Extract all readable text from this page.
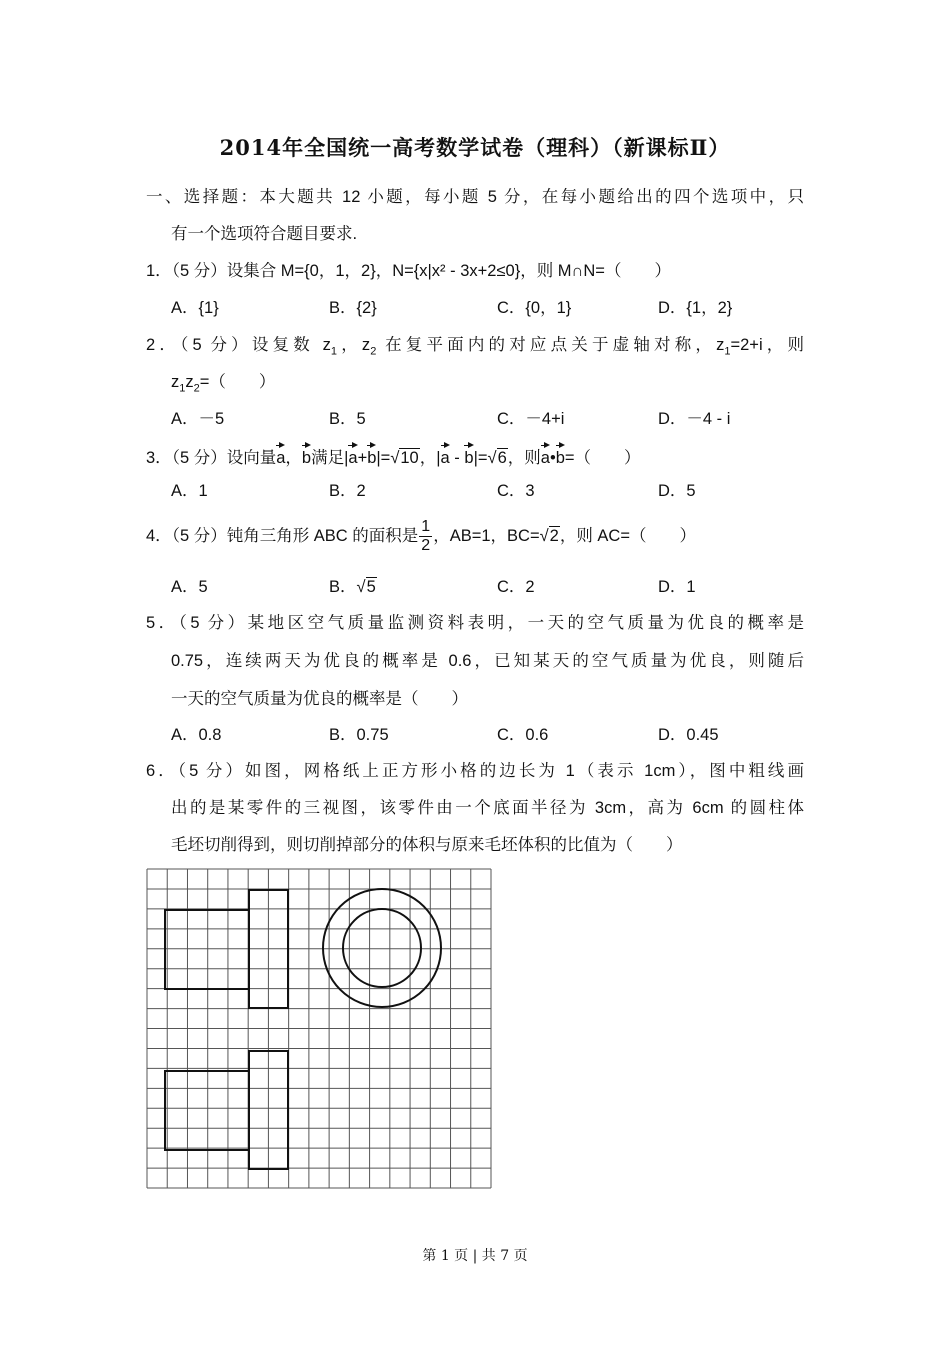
2014年全国统一高考数学试卷（理科）（新课标Ⅱ）
一、选择题：本大题共 12 小题，每小题 5 分，在每小题给出的四个选项中，只
有一个选项符合题目要求.
1．（5 分）设集合 M={0，1，2}，N={x|x² - 3x+2≤0}，则 M∩N=（　　）
A．{1}	B．{2}	C．{0，1}	D．{1，2}
2．（5 分）设复数 $z_1$，$z_2$ 在复平面内的对应点关于虚轴对称，$z_1=2+i$，则
$z_1z_2=$（　　）
A．－5	B．5	C．－4+i	D．－4 - i
3．（5 分）设向量a，b满足|a+b|=√10，|a - b|=√6，则a•b=（　　）
A．1	B．2	C．3	D．5
4．（5 分）钝角三角形 ABC 的面积是 $\frac{1}{2}$ ，AB=1，BC=√2，则 AC=（　　）
A．5	B．√5	C．2	D．1
5．（5 分）某地区空气质量监测资料表明，一天的空气质量为优良的概率是
0.75，连续两天为优良的概率是 0.6，已知某天的空气质量为优良，则随后
一天的空气质量为优良的概率是（　　）
A．0.8	B．0.75	C．0.6	D．0.45
6．（5 分）如图，网格纸上正方形小格的边长为 1（表示 1cm），图中粗线画
出的是某零件的三视图，该零件由一个底面半径为 3cm，高为 6cm 的圆柱体
毛坯切削得到，则切削掉部分的体积与原来毛坯体积的比值为（　　）
第 1 页 | 共 7 页
